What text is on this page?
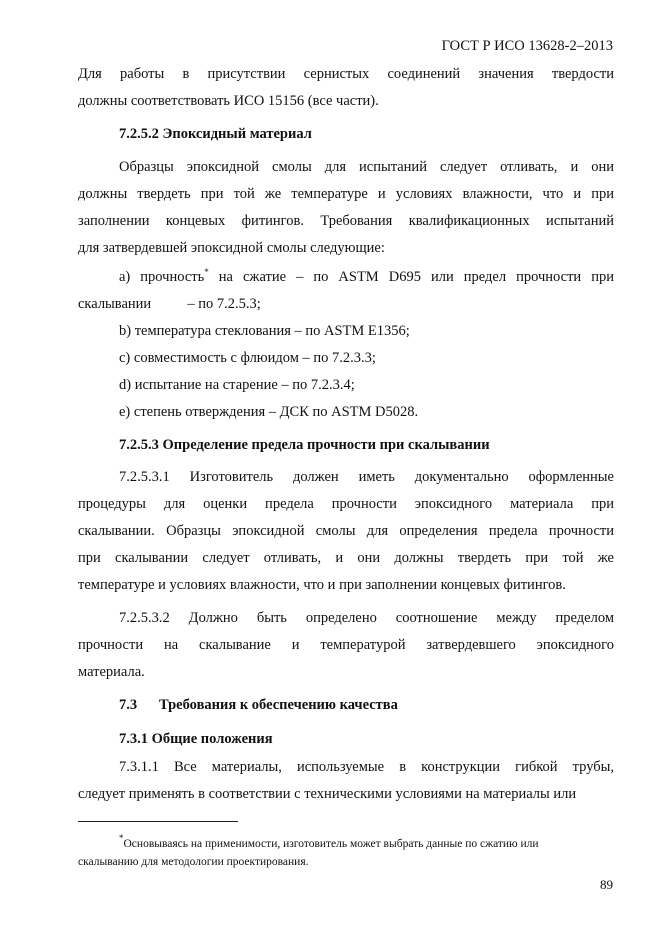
ГОСТ Р ИСО 13628-2–2013
Для работы в присутствии сернистых соединений значения твердости
должны соответствовать ИСО 15156 (все части).
7.2.5.2 Эпоксидный материал
Образцы эпоксидной смолы для испытаний следует отливать, и они
должны твердеть при той же температуре и условиях влажности, что и при
заполнении концевых фитингов. Требования квалификационных испытаний
для затвердевшей эпоксидной смолы следующие:
а) прочность* на сжатие – по ASTM D695 или предел прочности при
скалывании          – по 7.2.5.3;
b) температура стеклования – по ASTM E1356;
с) совместимость с флюидом – по 7.2.3.3;
d) испытание на старение – по 7.2.3.4;
e) степень отверждения – ДСК по ASTM D5028.
7.2.5.3 Определение предела прочности при скалывании
7.2.5.3.1 Изготовитель должен иметь документально оформленные
процедуры для оценки предела прочности эпоксидного материала при
скалывании. Образцы эпоксидной смолы для определения предела прочности
при скалывании следует отливать, и они должны твердеть при той же
температуре и условиях влажности, что и при заполнении концевых фитингов.
7.2.5.3.2 Должно быть определено соотношение между пределом
прочности на скалывание и температурой затвердевшего эпоксидного
материала.
7.3 Требования к обеспечению качества
7.3.1 Общие положения
7.3.1.1 Все материалы, используемые в конструкции гибкой трубы,
следует применять в соответствии с техническими условиями на материалы или
*Основываясь на применимости, изготовитель может выбрать данные по сжатию или
скалыванию для методологии проектирования.
89
